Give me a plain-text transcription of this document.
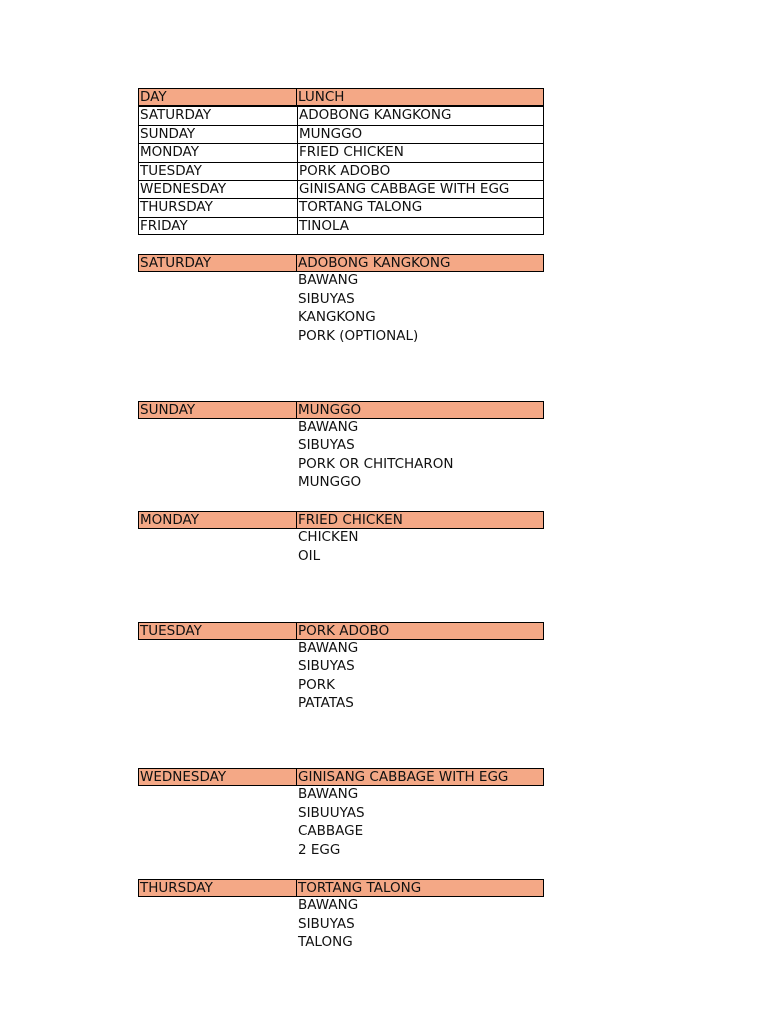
DAY	LUNCH
SATURDAY	ADOBONG KANGKONG
SUNDAY	MUNGGO
MONDAY	FRIED CHICKEN
TUESDAY	PORK ADOBO
WEDNESDAY	GINISANG CABBAGE WITH EGG
THURSDAY	TORTANG TALONG
FRIDAY	TINOLA
SATURDAY	ADOBONG KANGKONG
BAWANG
SIBUYAS
KANGKONG
PORK (OPTIONAL)
SUNDAY	MUNGGO
BAWANG
SIBUYAS
PORK OR CHITCHARON
MUNGGO
MONDAY	FRIED CHICKEN
CHICKEN
OIL
TUESDAY	PORK ADOBO
BAWANG
SIBUYAS
PORK
PATATAS
WEDNESDAY	GINISANG CABBAGE WITH EGG
BAWANG
SIBUUYAS
CABBAGE
2 EGG
THURSDAY	TORTANG TALONG
BAWANG
SIBUYAS
TALONG
